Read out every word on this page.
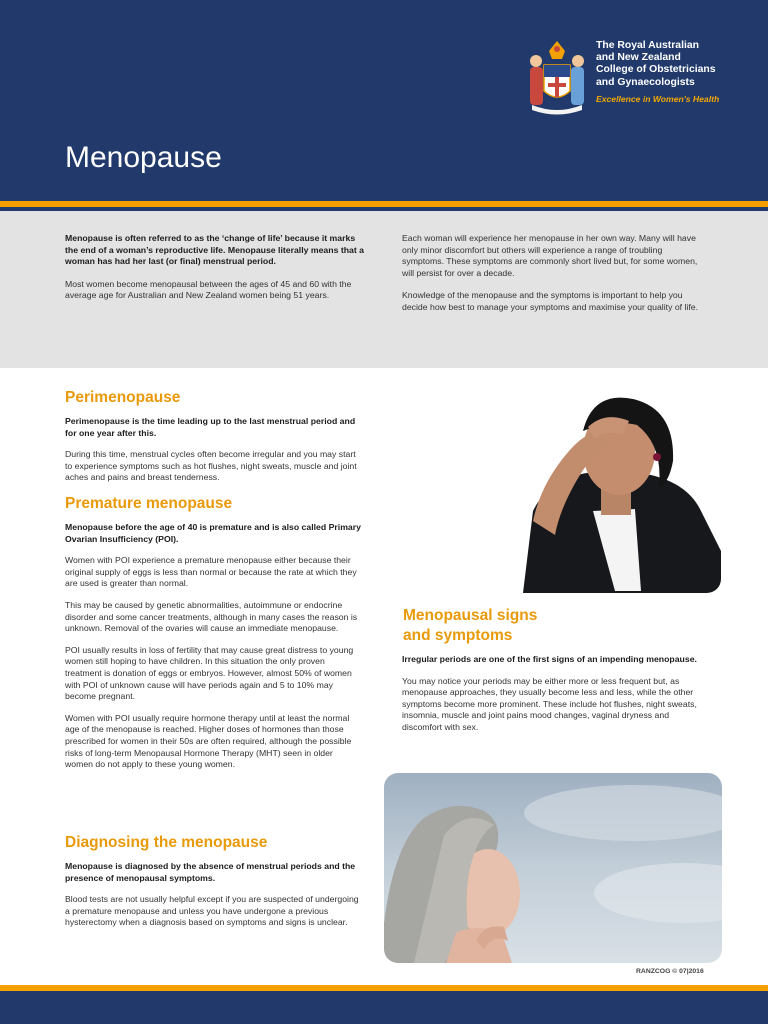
The Royal Australian
and New Zealand
College of Obstetricians
and Gynaecologists
Excellence in Women's Health
Menopause

Menopause is often referred to as the ‘change of life’ because it marks the end of a woman’s reproductive life. Menopause literally means that a woman has had her last (or final) menstrual period.

Most women become menopausal between the ages of 45 and 60 with the average age for Australian and New Zealand women being 51 years.

Each woman will experience her menopause in her own way. Many will have only minor discomfort but others will experience a range of troubling symptoms. These symptoms are commonly short lived but, for some women, will persist for over a decade.

Knowledge of the menopause and the symptoms is important to help you decide how best to manage your symptoms and maximise your quality of life.

Perimenopause

Perimenopause is the time leading up to the last menstrual period and for one year after this.

During this time, menstrual cycles often become irregular and you may start to experience symptoms such as hot flushes, night sweats, muscle and joint aches and pains and breast tenderness.

Premature menopause

Menopause before the age of 40 is premature and is also called Primary Ovarian Insufficiency (POI).

Women with POI experience a premature menopause either because their original supply of eggs is less than normal or because the rate at which they are used is greater than normal.

This may be caused by genetic abnormalities, autoimmune or endocrine disorder and some cancer treatments, although in many cases the reason is unknown. Removal of the ovaries will cause an immediate menopause.

POI usually results in loss of fertility that may cause great distress to young women still hoping to have children. In this situation the only proven treatment is donation of eggs or embryos. However, almost 50% of women with POI of unknown cause will have periods again and 5 to 10% may become pregnant.

Women with POI usually require hormone therapy until at least the normal age of the menopause is reached. Higher doses of hormones than those prescribed for women in their 50s are often required, although the possible risks of long-term Menopausal Hormone Therapy (MHT) seen in older women do not apply to these young women.

Diagnosing the menopause

Menopause is diagnosed by the absence of menstrual periods and the presence of menopausal symptoms.

Blood tests are not usually helpful except if you are suspected of undergoing a premature menopause and unless you have undergone a previous hysterectomy when a diagnosis based on symptoms and signs is unclear.

Menopausal signs
and symptoms

Irregular periods are one of the first signs of an impending menopause.

You may notice your periods may be either more or less frequent but, as menopause approaches, they usually become less and less, while the other symptoms become more prominent. These include hot flushes, night sweats, insomnia, muscle and joint pains mood changes, vaginal dryness and discomfort with sex.

RANZCOG © 07|2016
